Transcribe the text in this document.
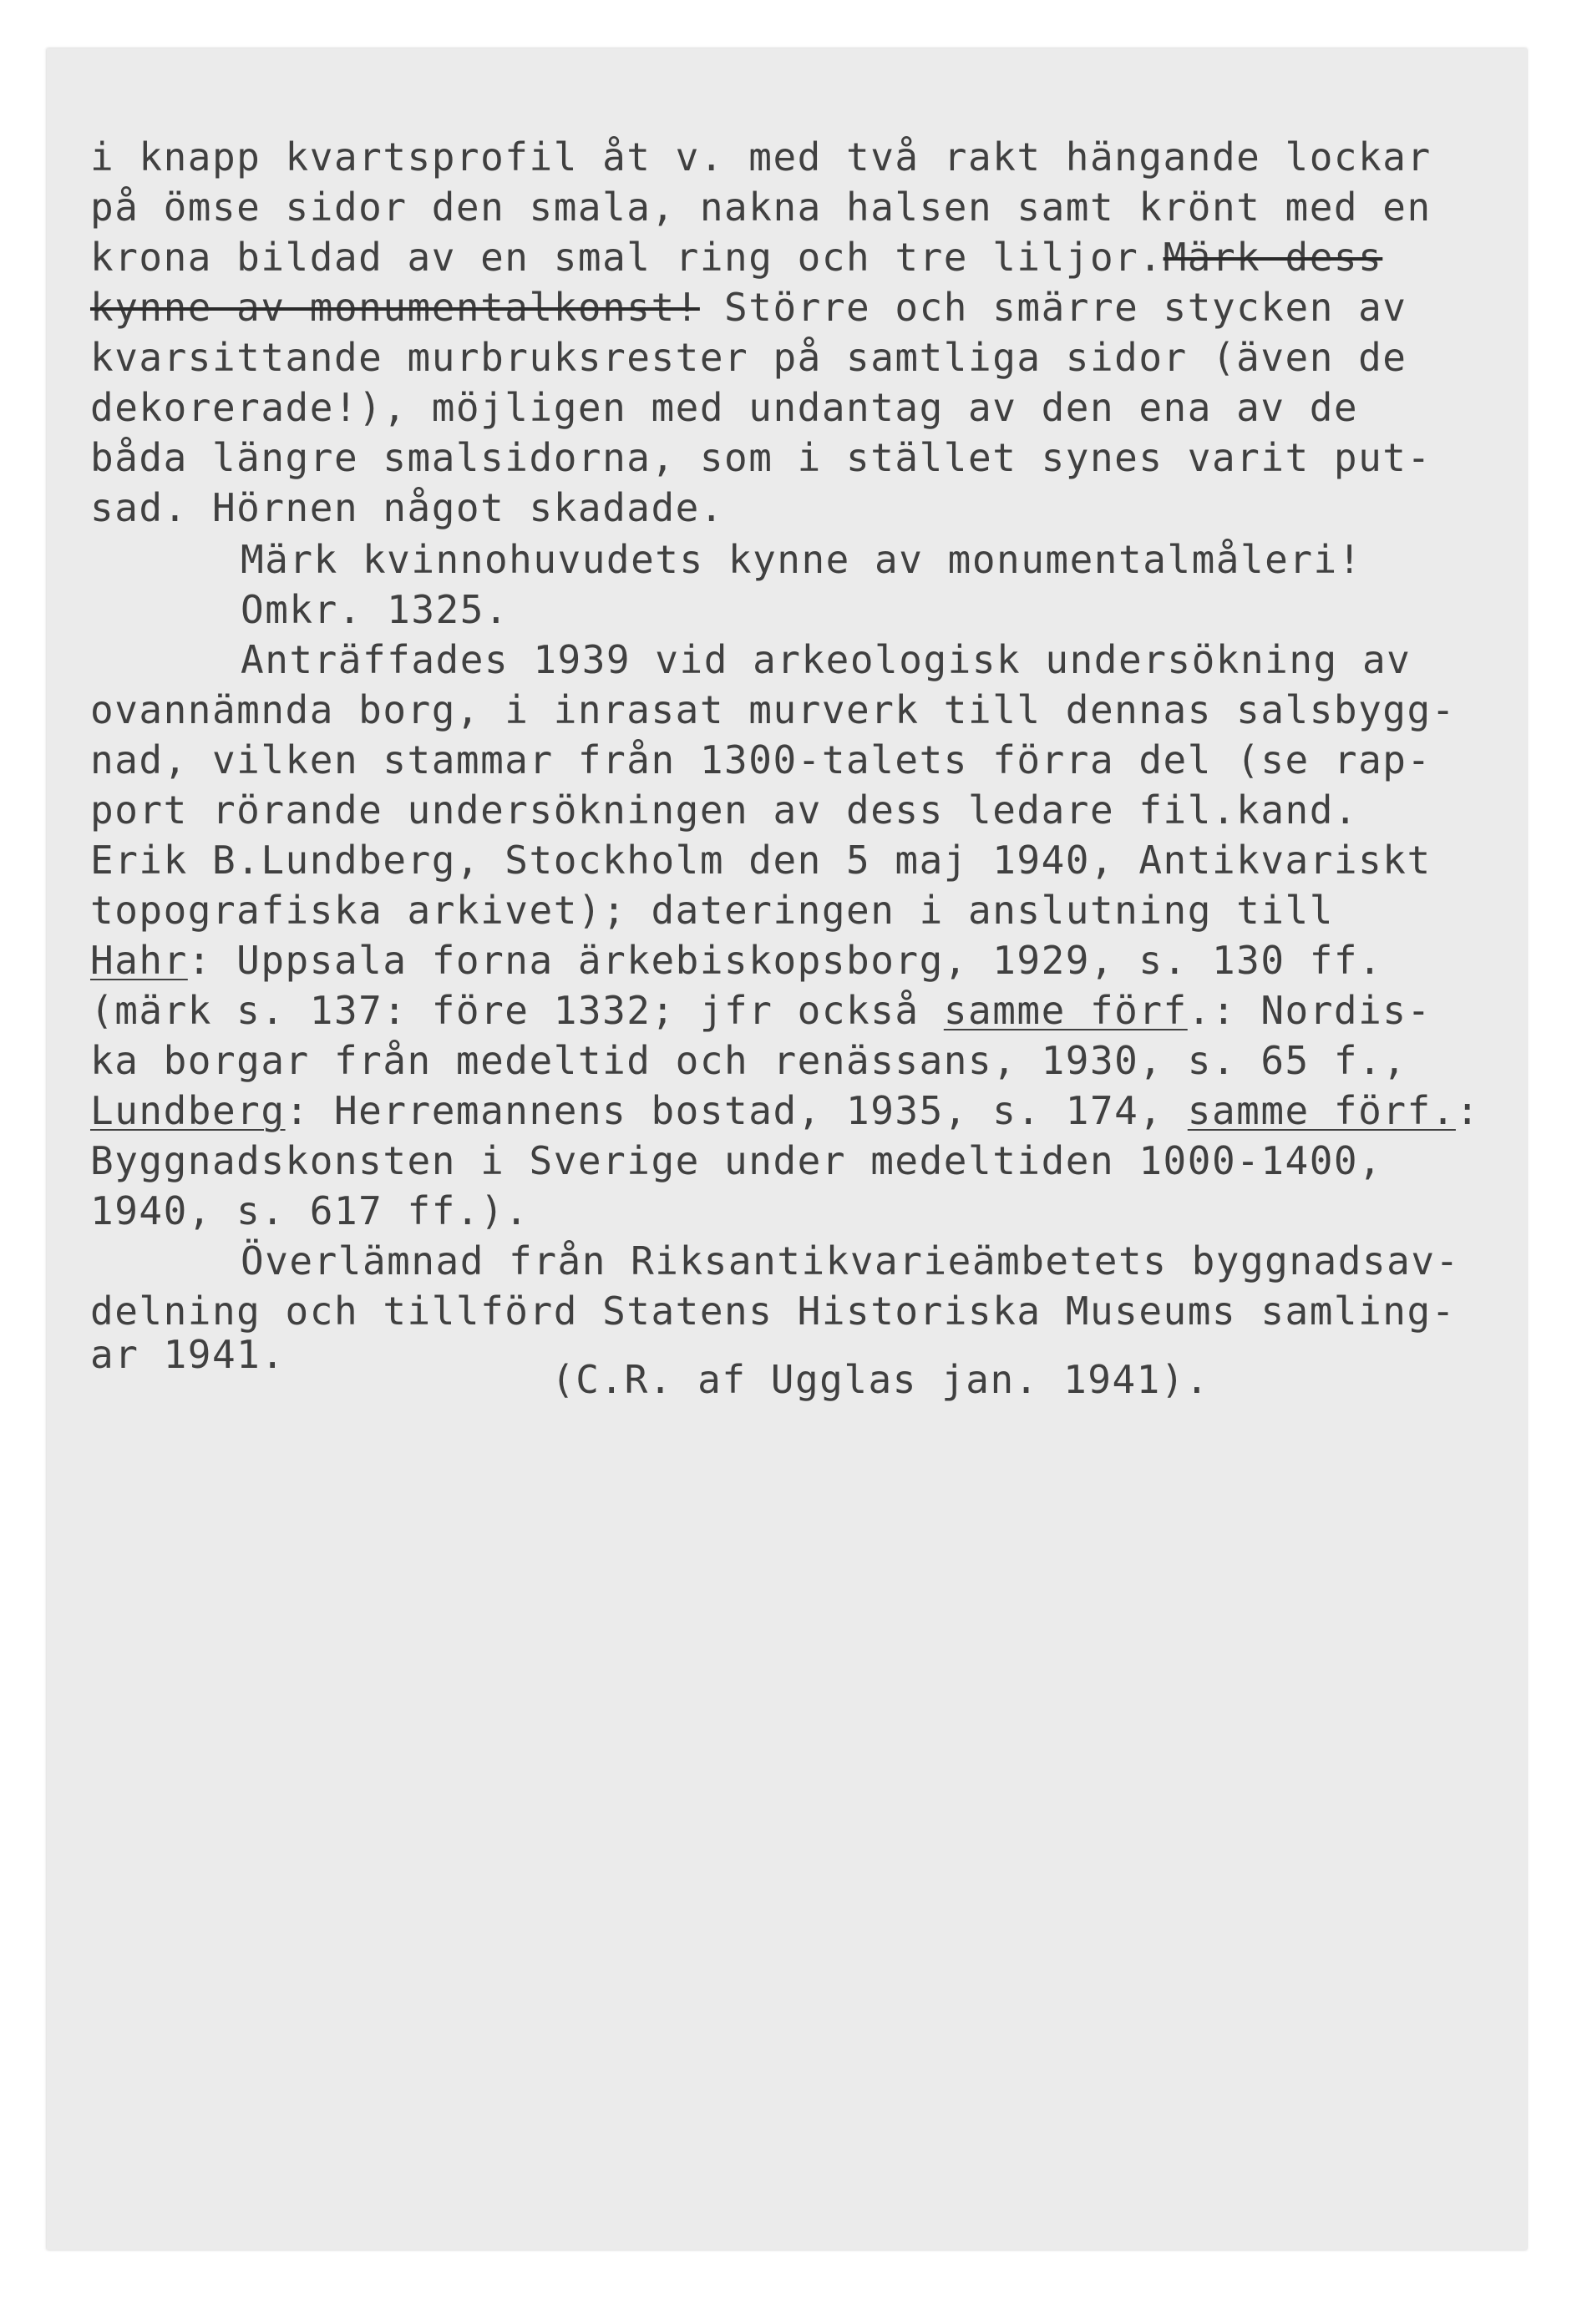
i knapp kvartsprofil åt v. med två rakt hängande lockar

på ömse sidor den smala, nakna halsen samt krönt med en

krona bildad av en smal ring och tre liljor.Märk dess

kynne av monumentalkonst! Större och smärre stycken av

kvarsittande murbruksrester på samtliga sidor (även de

dekorerade!), möjligen med undantag av den ena av de

båda längre smalsidorna, som i stället synes varit put-

sad. Hörnen något skadade.

Märk kvinnohuvudets kynne av monumentalmåleri!

Omkr. 1325.

Anträffades 1939 vid arkeologisk undersökning av

ovannämnda borg, i inrasat murverk till dennas salsbygg-

nad, vilken stammar från 1300-talets förra del (se rap-

port rörande undersökningen av dess ledare fil.kand.

Erik B.Lundberg, Stockholm den 5 maj 1940, Antikvariskt

topografiska arkivet); dateringen i anslutning till

Hahr: Uppsala forna ärkebiskopsborg, 1929, s. 130 ff.

(märk s. 137: före 1332; jfr också samme förf.: Nordis-

ka borgar från medeltid och renässans, 1930, s. 65 f.,

Lundberg: Herremannens bostad, 1935, s. 174, samme förf.:

Byggnadskonsten i Sverige under medeltiden 1000-1400,

1940, s. 617 ff.).

Överlämnad från Riksantikvarieämbetets byggnadsav-

delning och tillförd Statens Historiska Museums samling-

ar 1941.

(C.R. af Ugglas jan. 1941).
